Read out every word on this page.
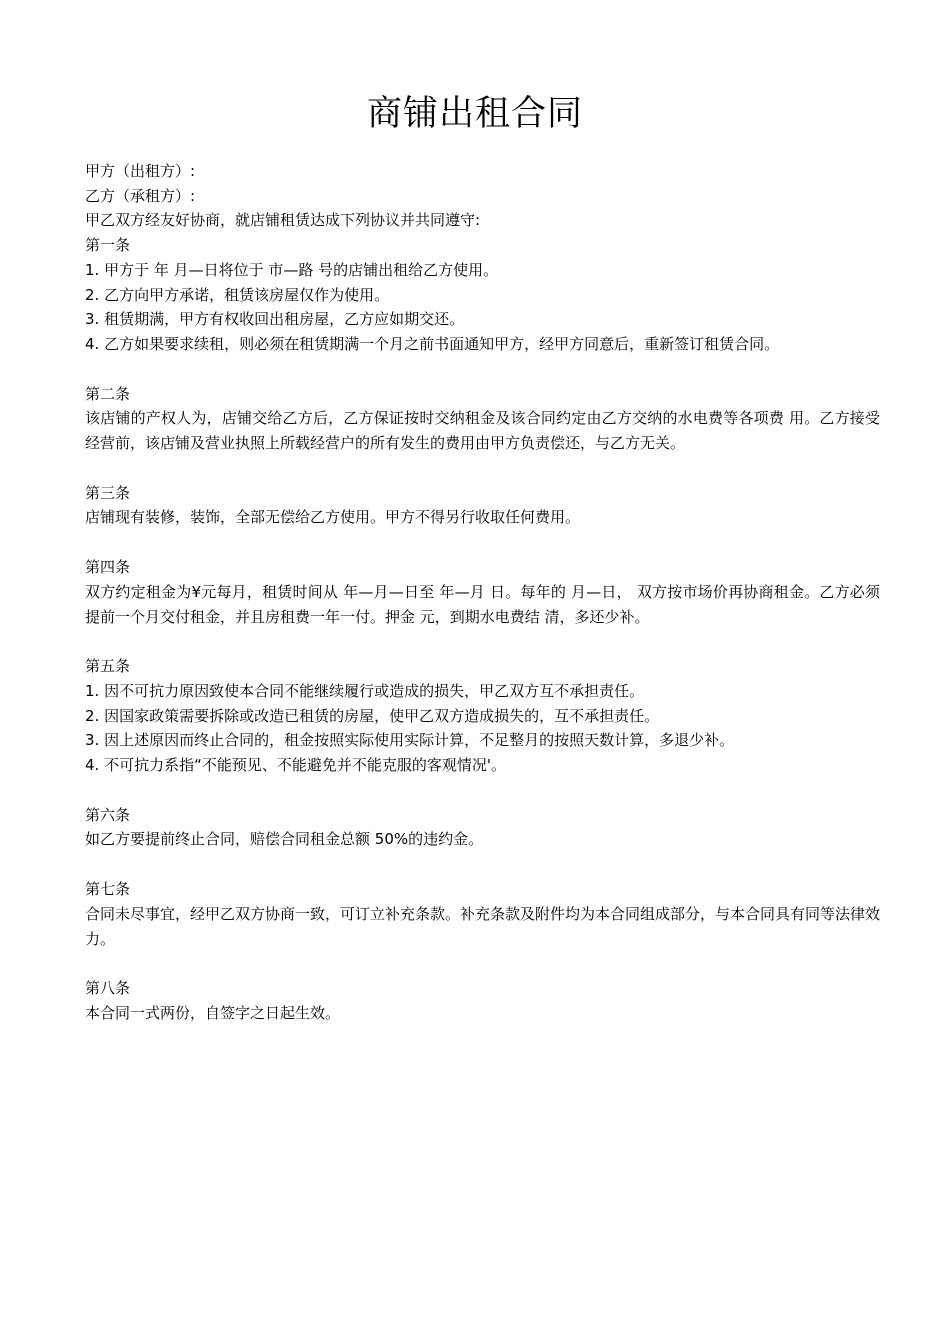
商铺出租合同

甲方（出租方）:

乙方（承租方）:

甲乙双方经友好协商，就店铺租赁达成下列协议并共同遵守:

第一条

1. 甲方于 年 月—日将位于 市—路 号的店铺出租给乙方使用。

2. 乙方向甲方承诺，租赁该房屋仅作为使用。

3. 租赁期满，甲方有权收回出租房屋，乙方应如期交还。

4. 乙方如果要求续租，则必须在租赁期满一个月之前书面通知甲方，经甲方同意后，重新签订租赁合同。

第二条

该店铺的产权人为，店铺交给乙方后，乙方保证按时交纳租金及该合同约定由乙方交纳的水电费等各项费 用。乙方接受经营前，该店铺及营业执照上所载经营户的所有发生的费用由甲方负责偿还，与乙方无关。

第三条

店铺现有装修，装饰，全部无偿给乙方使用。甲方不得另行收取任何费用。

第四条

双方约定租金为¥元每月，租赁时间从 年—月—日至 年—月 日。每年的 月—日， 双方按市场价再协商租金。乙方必须提前一个月交付租金，并且房租费一年一付。押金 元，到期水电费结 清，多还少补。

第五条

1. 因不可抗力原因致使本合同不能继续履行或造成的损失，甲乙双方互不承担责任。

2. 因国家政策需要拆除或改造已租赁的房屋，使甲乙双方造成损失的，互不承担责任。

3. 因上述原因而终止合同的，租金按照实际使用实际计算，不足整月的按照天数计算，多退少补。

4. 不可抗力系指“不能预见、不能避免并不能克服的客观情况'。

第六条

如乙方要提前终止合同，赔偿合同租金总额 50%的违约金。

第七条

合同未尽事宜，经甲乙双方协商一致，可订立补充条款。补充条款及附件均为本合同组成部分，与本合同具有同等法律效力。

第八条

本合同一式两份，自签字之日起生效。
